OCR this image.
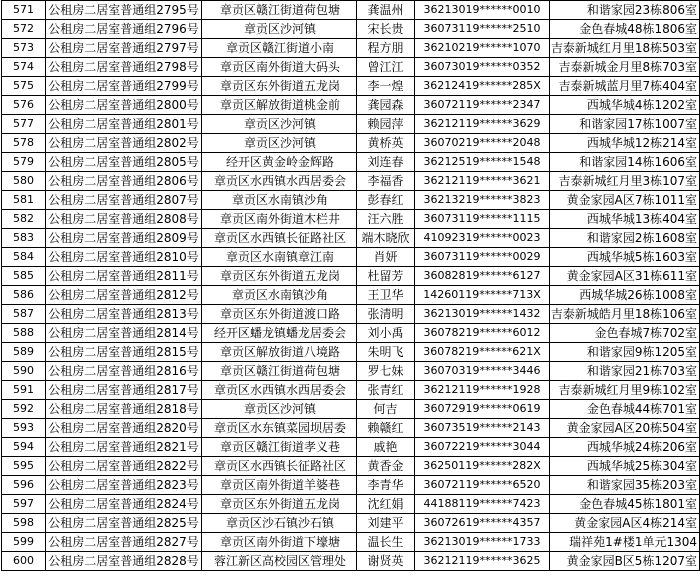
571	公租房二居室普通组2795号	章贡区赣江街道荷包塘	龚温州	36213019******0010	和谐家园23栋806室
572	公租房二居室普通组2796号	章贡区沙河镇	宋长贵	36073119******2510	金色春城48栋1806室
573	公租房二居室普通组2797号	章贡区赣江街道小南	程方朋	36210219******1070	吉泰新城红月里18栋503室
574	公租房二居室普通组2798号	章贡区南外街道大码头	曾江江	36073019******0352	吉泰新城金月里8栋703室
575	公租房二居室普通组2799号	章贡区东外街道五龙岗	李一煌	36212419******285X	吉泰新城蓝月里7栋404室
576	公租房二居室普通组2800号	章贡区解放街道桃金前	龚园森	36072119******2347	西城华城4栋1202室
577	公租房二居室普通组2801号	章贡区沙河镇	赖园萍	36212119******3629	和谐家园17栋1007室
578	公租房二居室普通组2802号	章贡区沙河镇	黄桥英	36070219******2048	西城华城12栋214室
579	公租房二居室普通组2805号	经开区黄金岭金辉路	刘连春	36212519******1548	和谐家园14栋1606室
580	公租房二居室普通组2806号	章贡区水西镇水西居委会	李福香	36212119******3621	吉泰新城红月里3栋107室
581	公租房二居室普通组2807号	章贡区水南镇沙角	彭春红	36213219******3823	黄金家园A区7栋1011室
582	公租房二居室普通组2808号	章贡区南外街道木栏井	汪六胜	36073119******1115	西城华城13栋404室
583	公租房二居室普通组2809号	章贡区水西镇长征路社区	端木晓欣	41092319******0023	和谐家园2栋1608室
584	公租房二居室普通组2810号	章贡区水南镇章江南	肖妍	36073119******0029	西城华城5栋1603室
585	公租房二居室普通组2811号	章贡区东外街道五龙岗	杜留芳	36082819******6127	黄金家园A区31栋611室
586	公租房二居室普通组2812号	章贡区水南镇沙角	王卫华	14260119******713X	西城华城26栋1008室
587	公租房二居室普通组2813号	章贡区东外街道渡口路	张清明	36213019******1432	吉泰新城皓月里18栋106室
588	公租房二居室普通组2814号	经开区蟠龙镇蟠龙居委会	刘小禹	36078219******6012	金色春城7栋702室
589	公租房二居室普通组2815号	章贡区解放街道八境路	朱明飞	36078219******621X	和谐家园9栋1205室
590	公租房二居室普通组2816号	章贡区赣江街道荷包塘	罗七妹	36070319******3446	和谐家园21栋703室
591	公租房二居室普通组2817号	章贡区水西镇水西居委会	张青红	36212119******1928	吉泰新城红月里9栋102室
592	公租房二居室普通组2818号	章贡区沙河镇	何吉	36072919******0619	金色春城44栋701室
593	公租房二居室普通组2820号	章贡区水东镇菜园坝居委	赖赣红	36073519******2143	黄金家园A区20栋504室
594	公租房二居室普通组2821号	章贡区赣江街道孝义巷	戚艳	36072219******3044	西城华城24栋206室
595	公租房二居室普通组2822号	章贡区水西镇长征路社区	黄香金	36250119******282X	西城华城25栋304室
596	公租房二居室普通组2823号	章贡区南外街道羊婆巷	李青华	36072119******6520	和谐家园35栋203室
597	公租房二居室普通组2824号	章贡区东外街道五龙岗	沈红娟	44188119******7423	金色春城45栋1801室
598	公租房二居室普通组2825号	章贡区沙石镇沙石镇	刘建平	36072619******4357	黄金家园A区4栋214室
599	公租房二居室普通组2827号	章贡区南外街道下壕塘	温长生	36213019******1733	瑞祥苑1#楼1单元1304
600	公租房二居室普通组2828号	蓉江新区高校园区管理处	谢贤英	36212119******3625	黄金家园B区5栋1207室
